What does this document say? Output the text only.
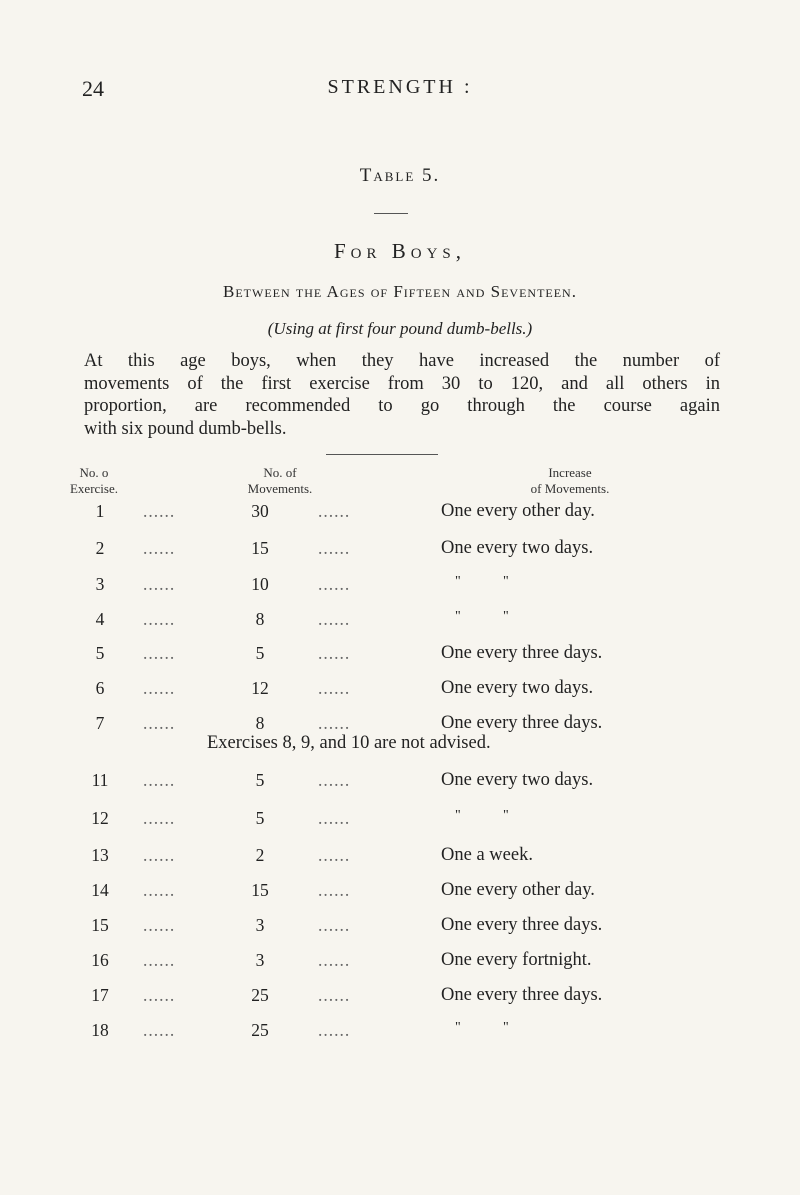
24	STRENGTH :
Table 5.
For Boys,
Between the Ages of Fifteen and Seventeen.
(Using at first four pound dumb-bells.)
At this age boys, when they have increased the number of
movements of the first exercise from 30 to 120, and all others in
proportion, are recommended to go through the course again
with six pound dumb-bells.
No. o
Exercise.
No. of
Movements.
Increase
of Movements.
1	......	30	......	One every other day.
2	......	15	......	One every two days.
3	......	10	......	"	"
4	......	8	......	"	"
5	......	5	......	One every three days.
6	......	12	......	One every two days.
7	......	8	......	One every three days.
11	......	5	......	One every two days.
12	......	5	......	"	"
13	......	2	......	One a week.
14	......	15	......	One every other day.
15	......	3	......	One every three days.
16	......	3	......	One every fortnight.
17	......	25	......	One every three days.
18	......	25	......	"	"
Exercises 8, 9, and 10 are not advised.
